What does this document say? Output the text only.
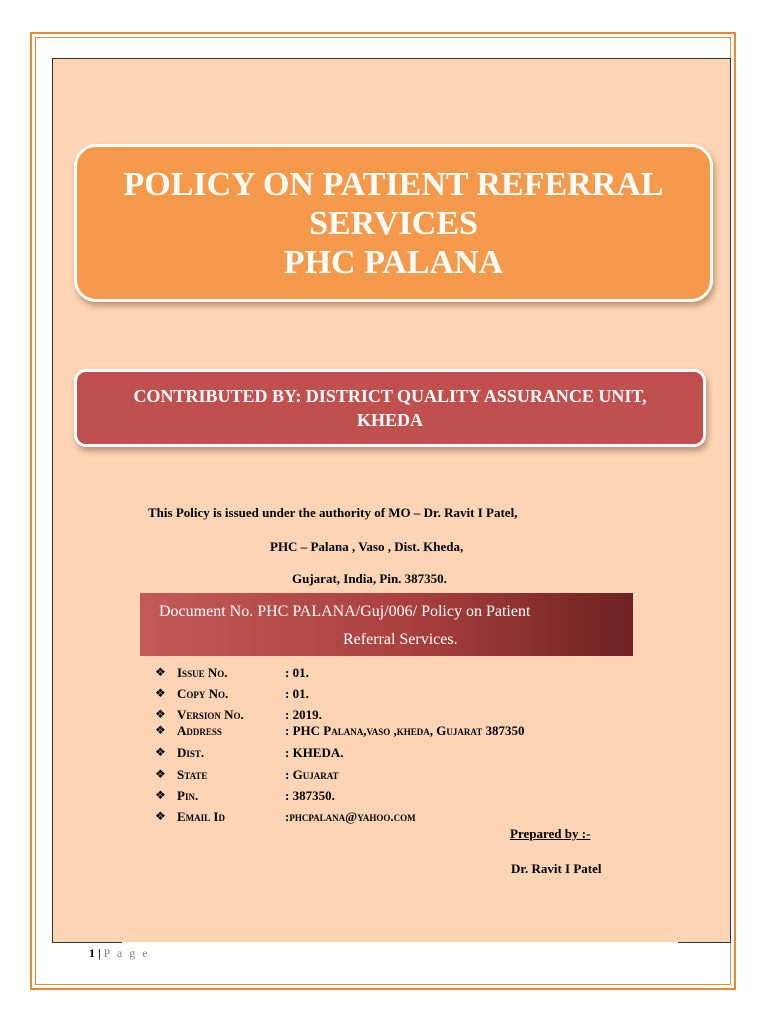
POLICY ON PATIENT REFERRAL
SERVICES
PHC PALANA
CONTRIBUTED BY: DISTRICT QUALITY ASSURANCE UNIT,
KHEDA
This Policy is issued under the authority of MO – Dr. Ravit I Patel,
PHC – Palana , Vaso , Dist. Kheda,
Gujarat, India, Pin. 387350.
Document No. PHC PALANA/Guj/006/ Policy on Patient
Referral Services.
❖ Issue No.	: 01.
❖ Copy No.	: 01.
❖ Version No.	: 2019.
❖ Address	: PHC Palana,vaso ,kheda, Gujarat 387350
❖ Dist.	: KHEDA.
❖ State	: Gujarat
❖ Pin.	: 387350.
❖ Email Id	:phcpalana@yahoo.com
Prepared by :-
Dr. Ravit I Patel
1 | P a g e
